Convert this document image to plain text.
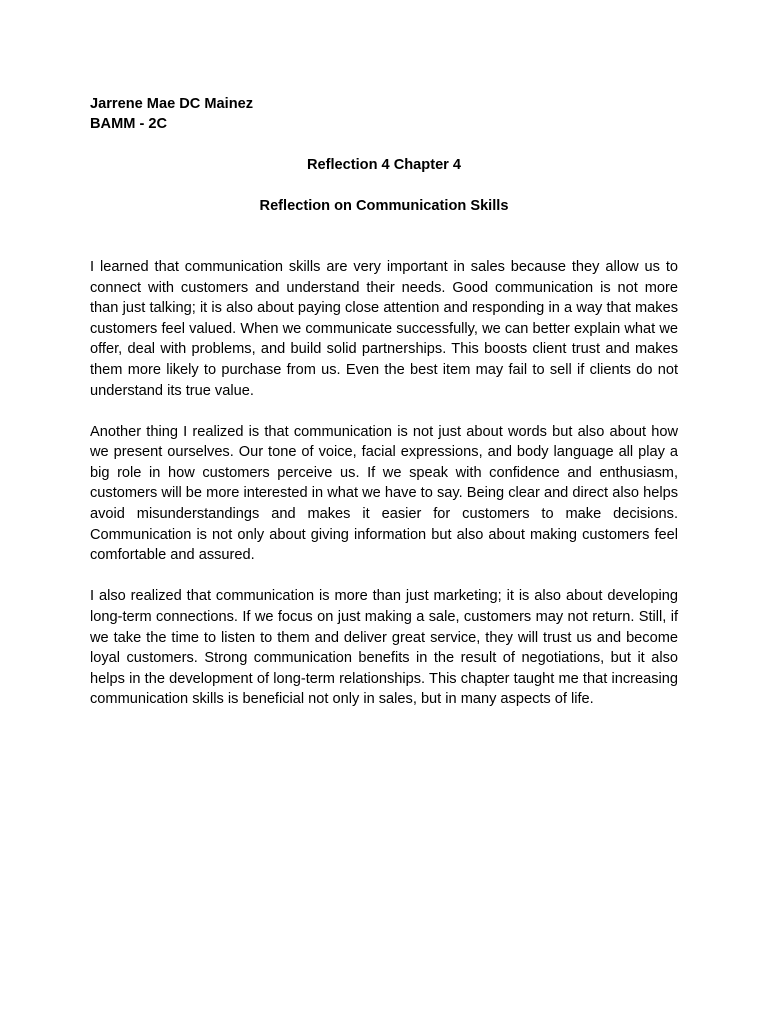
Jarrene Mae DC Mainez
BAMM - 2C
Reflection 4 Chapter 4
Reflection on Communication Skills

I learned that communication skills are very important in sales because they allow us to connect with customers and understand their needs. Good communication is not more than just talking; it is also about paying close attention and responding in a way that makes customers feel valued. When we communicate successfully, we can better explain what we offer, deal with problems, and build solid partnerships. This boosts client trust and makes them more likely to purchase from us. Even the best item may fail to sell if clients do not understand its true value.

Another thing I realized is that communication is not just about words but also about how we present ourselves. Our tone of voice, facial expressions, and body language all play a big role in how customers perceive us. If we speak with confidence and enthusiasm, customers will be more interested in what we have to say. Being clear and direct also helps avoid misunderstandings and makes it easier for customers to make decisions. Communication is not only about giving information but also about making customers feel comfortable and assured.

I also realized that communication is more than just marketing; it is also about developing long-term connections. If we focus on just making a sale, customers may not return. Still, if we take the time to listen to them and deliver great service, they will trust us and become loyal customers. Strong communication benefits in the result of negotiations, but it also helps in the development of long-term relationships. This chapter taught me that increasing communication skills is beneficial not only in sales, but in many aspects of life.
